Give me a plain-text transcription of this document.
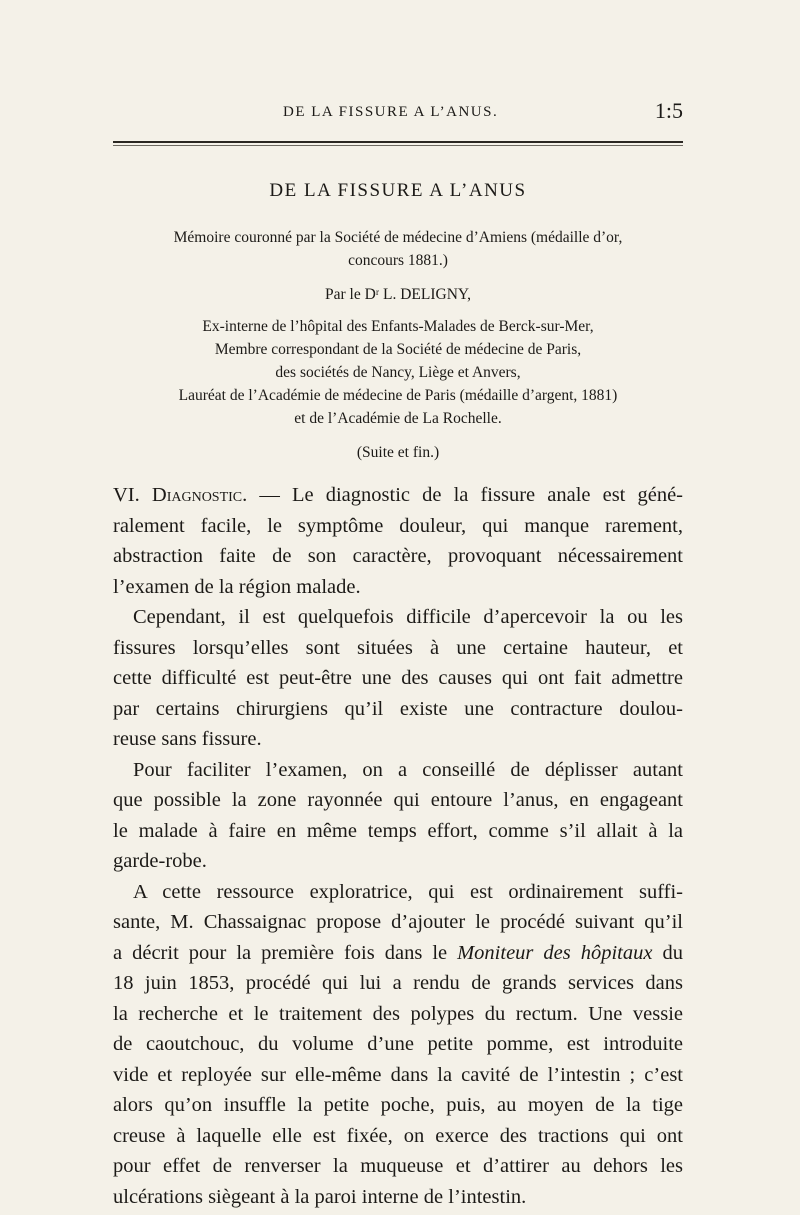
DE LA FISSURE A L’ANUS.	1:5
DE LA FISSURE A L’ANUS
Mémoire couronné par la Société de médecine d’Amiens (médaille d’or,
concours 1881.)
Par le Dʳ L. DELIGNY,
Ex-interne de l’hôpital des Enfants-Malades de Berck-sur-Mer,
Membre correspondant de la Société de médecine de Paris,
des sociétés de Nancy, Liège et Anvers,
Lauréat de l’Académie de médecine de Paris (médaille d’argent, 1881)
et de l’Académie de La Rochelle.
(Suite et fin.)
VI. Diagnostic. — Le diagnostic de la fissure anale est géné-
ralement facile, le symptôme douleur, qui manque rarement,
abstraction faite de son caractère, provoquant nécessairement
l’examen de la région malade.
Cependant, il est quelquefois difficile d’apercevoir la ou les
fissures lorsqu’elles sont situées à une certaine hauteur, et
cette difficulté est peut-être une des causes qui ont fait admettre
par certains chirurgiens qu’il existe une contracture doulou-
reuse sans fissure.
Pour faciliter l’examen, on a conseillé de déplisser autant
que possible la zone rayonnée qui entoure l’anus, en engageant
le malade à faire en même temps effort, comme s’il allait à la
garde-robe.
A cette ressource exploratrice, qui est ordinairement suffi-
sante, M. Chassaignac propose d’ajouter le procédé suivant qu’il
a décrit pour la première fois dans le Moniteur des hôpitaux du
18 juin 1853, procédé qui lui a rendu de grands services dans
la recherche et le traitement des polypes du rectum. Une vessie
de caoutchouc, du volume d’une petite pomme, est introduite
vide et reployée sur elle-même dans la cavité de l’intestin ; c’est
alors qu’on insuffle la petite poche, puis, au moyen de la tige
creuse à laquelle elle est fixée, on exerce des tractions qui ont
pour effet de renverser la muqueuse et d’attirer au dehors les
ulcérations siègeant à la paroi interne de l’intestin.
